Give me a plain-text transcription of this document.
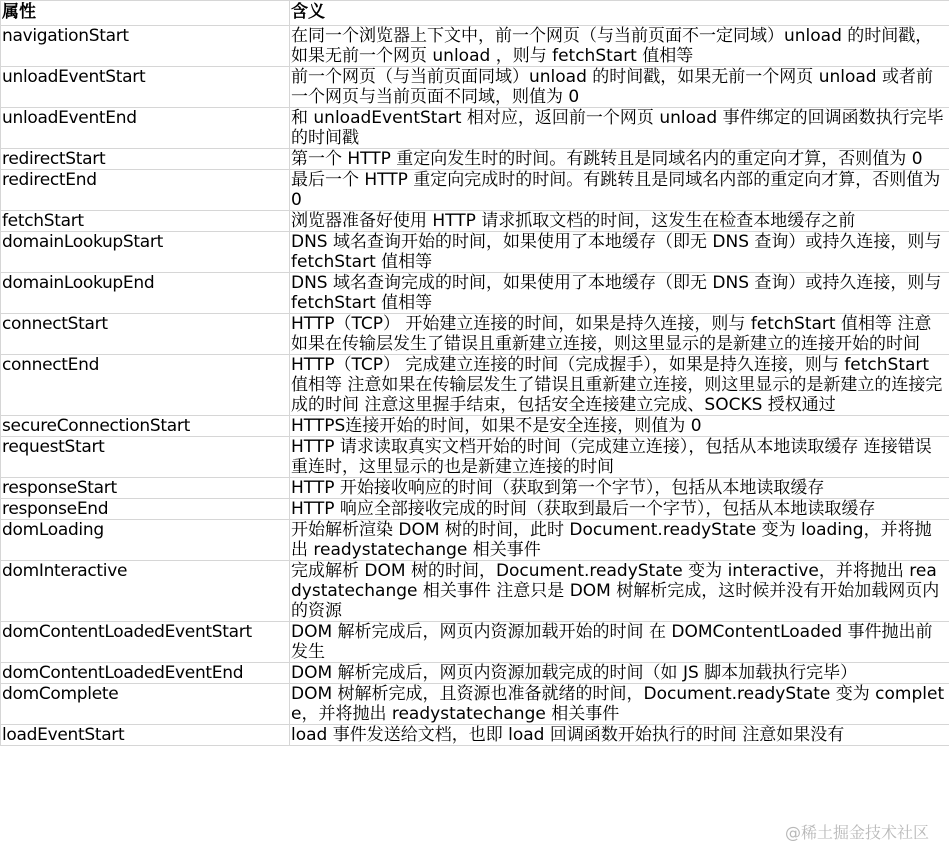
属性	含义
navigationStart	在同一个浏览器上下文中，前一个网页（与当前页面不一定同域）unload 的时间戳，如果无前一个网页 unload ，则与 fetchStart 值相等
unloadEventStart	前一个网页（与当前页面同域）unload 的时间戳，如果无前一个网页 unload 或者前一个网页与当前页面不同域，则值为 0
unloadEventEnd	和 unloadEventStart 相对应，返回前一个网页 unload 事件绑定的回调函数执行完毕的时间戳
redirectStart	第一个 HTTP 重定向发生时的时间。有跳转且是同域名内的重定向才算，否则值为 0
redirectEnd	最后一个 HTTP 重定向完成时的时间。有跳转且是同域名内部的重定向才算，否则值为 0
fetchStart	浏览器准备好使用 HTTP 请求抓取文档的时间，这发生在检查本地缓存之前
domainLookupStart	DNS 域名查询开始的时间，如果使用了本地缓存（即无 DNS 查询）或持久连接，则与 fetchStart 值相等
domainLookupEnd	DNS 域名查询完成的时间，如果使用了本地缓存（即无 DNS 查询）或持久连接，则与 fetchStart 值相等
connectStart	HTTP（TCP） 开始建立连接的时间，如果是持久连接，则与 fetchStart 值相等 注意如果在传输层发生了错误且重新建立连接，则这里显示的是新建立的连接开始的时间
connectEnd	HTTP（TCP） 完成建立连接的时间（完成握手），如果是持久连接，则与 fetchStart 值相等 注意如果在传输层发生了错误且重新建立连接，则这里显示的是新建立的连接完成的时间 注意这里握手结束，包括安全连接建立完成、SOCKS 授权通过
secureConnectionStart	HTTPS连接开始的时间，如果不是安全连接，则值为 0
requestStart	HTTP 请求读取真实文档开始的时间（完成建立连接），包括从本地读取缓存 连接错误重连时，这里显示的也是新建立连接的时间
responseStart	HTTP 开始接收响应的时间（获取到第一个字节），包括从本地读取缓存
responseEnd	HTTP 响应全部接收完成的时间（获取到最后一个字节），包括从本地读取缓存
domLoading	开始解析渲染 DOM 树的时间，此时 Document.readyState 变为 loading，并将抛出 readystatechange 相关事件
domInteractive	完成解析 DOM 树的时间，Document.readyState 变为 interactive，并将抛出 readystatechange 相关事件 注意只是 DOM 树解析完成，这时候并没有开始加载网页内的资源
domContentLoadedEventStart	DOM 解析完成后，网页内资源加载开始的时间 在 DOMContentLoaded 事件抛出前发生
domContentLoadedEventEnd	DOM 解析完成后，网页内资源加载完成的时间（如 JS 脚本加载执行完毕）
domComplete	DOM 树解析完成，且资源也准备就绪的时间，Document.readyState 变为 complete，并将抛出 readystatechange 相关事件
loadEventStart	load 事件发送给文档，也即 load 回调函数开始执行的时间 注意如果没有
@稀土掘金技术社区
